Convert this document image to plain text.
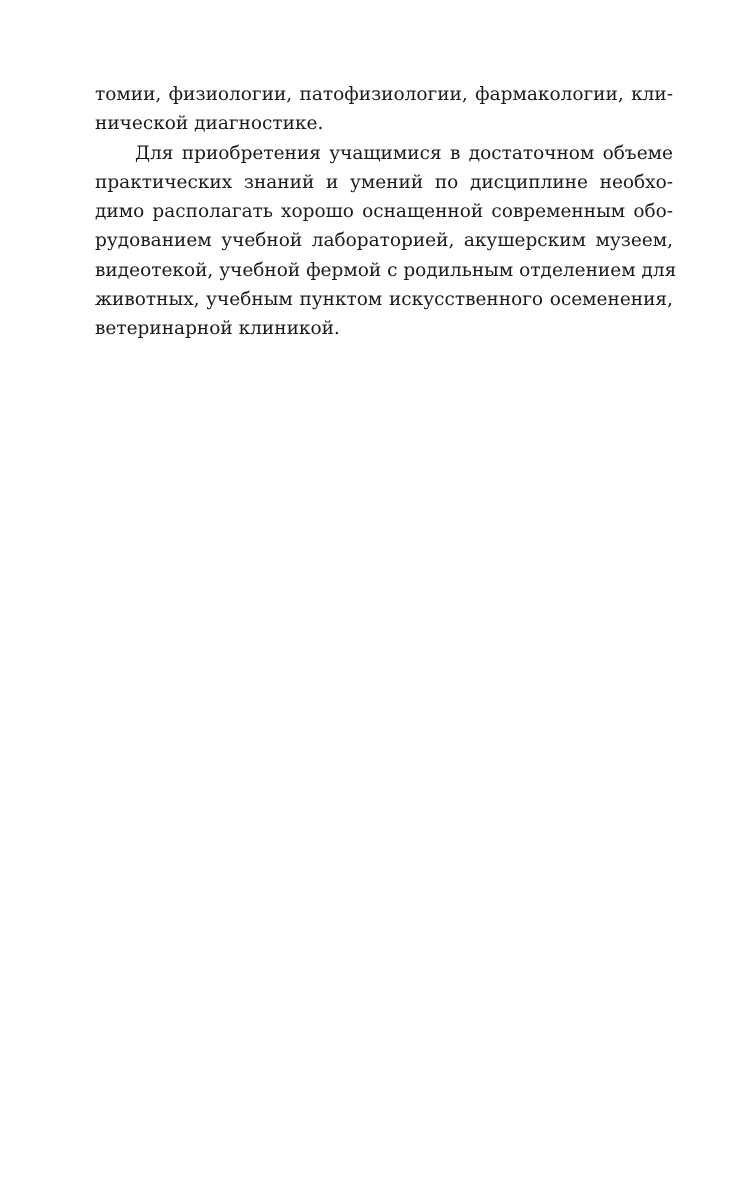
томии, физиологии, патофизиологии, фармакологии, кли-
нической диагностике.
Для приобретения учащимися в достаточном объеме
практических знаний и умений по дисциплине необхо-
димо располагать хорошо оснащенной современным обо-
рудованием учебной лабораторией, акушерским музеем,
видеотекой, учебной фермой с родильным отделением для
животных, учебным пунктом искусственного осеменения,
ветеринарной клиникой.
